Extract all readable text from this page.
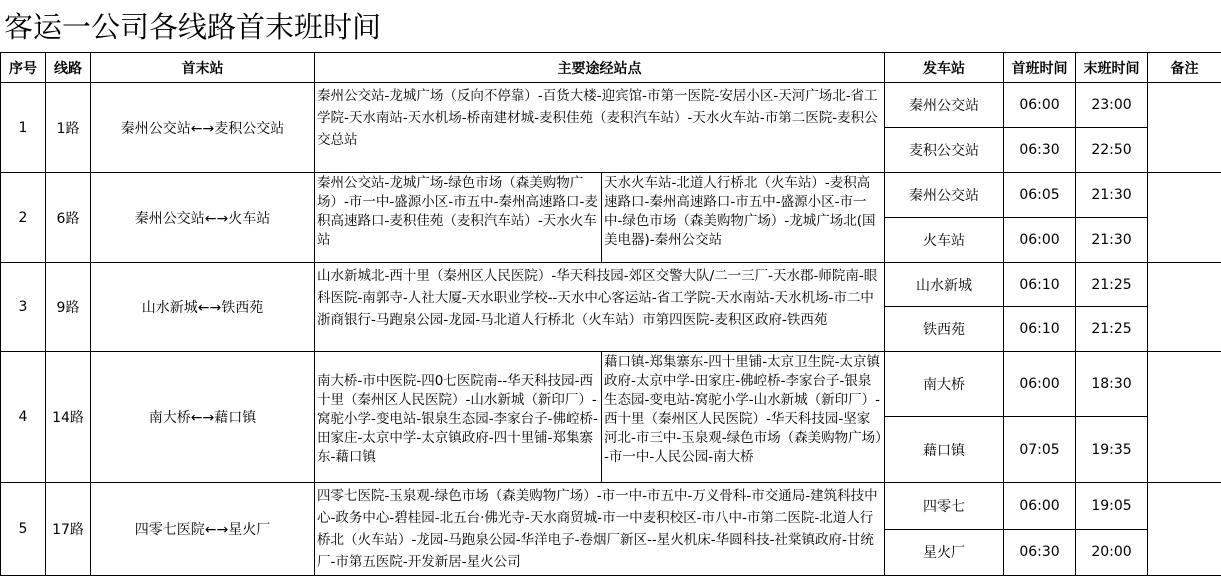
客运一公司各线路首末班时间
序号	线路	首末站	主要途经站点		发车站	首班时间	末班时间	备注
1	1路	秦州公交站←→麦积公交站	秦州公交站-龙城广场（反向不停靠）-百货大楼-迎宾馆-市第一医院-安居小区-天河广场北-省工学院-天水南站-天水机场-桥南建材城-麦积佳苑（麦积汽车站）-天水火车站-市第二医院-麦积公交总站		秦州公交站	06:00	23:00	
					麦积公交站	06:30	22:50	
2	6路	秦州公交站←→火车站	秦州公交站-龙城广场-绿色市场（森美购物广场）-市一中-盛源小区-市五中-秦州高速路口-麦积高速路口-麦积佳苑（麦积汽车站）-天水火车站	天水火车站-北道人行桥北（火车站）-麦积高速路口-秦州高速路口-市五中-盛源小区-市一中-绿色市场（森美购物广场）-龙城广场北(国美电器)-秦州公交站	秦州公交站	06:05	21:30	
					火车站	06:00	21:30	
3	9路	山水新城←→铁西苑	山水新城北-西十里（秦州区人民医院）-华天科技园-郊区交警大队/二一三厂-天水郡-师院南-眼科医院-南郭寺-人社大厦-天水职业学校--天水中心客运站-省工学院-天水南站-天水机场-市二中浙商银行-马跑泉公园-龙园-马北道人行桥北（火车站）市第四医院-麦积区政府-铁西苑		山水新城	06:10	21:25	
					铁西苑	06:10	21:25	
4	14路	南大桥←→藉口镇	南大桥-市中医院-四0七医院南--华天科技园-西十里（秦州区人民医院）-山水新城（新印厂）-窝驼小学-变电站-银泉生态园-李家台子-佛崆桥-田家庄-太京中学-太京镇政府-四十里铺-郑集寨东-藉口镇	藉口镇-郑集寨东-四十里铺-太京卫生院-太京镇政府-太京中学-田家庄-佛崆桥-李家台子-银泉生态园-变电站-窝驼小学-山水新城（新印厂）-西十里（秦州区人民医院）-华天科技园-坚家河北-市三中-玉泉观-绿色市场（森美购物广场）-市一中-人民公园-南大桥	南大桥	06:00	18:30	
					藉口镇	07:05	19:35	
5	17路	四零七医院←→星火厂	四零七医院-玉泉观-绿色市场（森美购物广场）-市一中-市五中-万义骨科-市交通局-建筑科技中心-政务中心-碧桂园-北五台·佛光寺-天水商贸城-市一中麦积校区-市八中-市第二医院-北道人行桥北（火车站）-龙园-马跑泉公园-华洋电子-卷烟厂新区--星火机床-华圆科技-社棠镇政府-甘统厂-市第五医院-开发新居-星火公司		四零七	06:00	19:05	
					星火厂	06:30	20:00	
